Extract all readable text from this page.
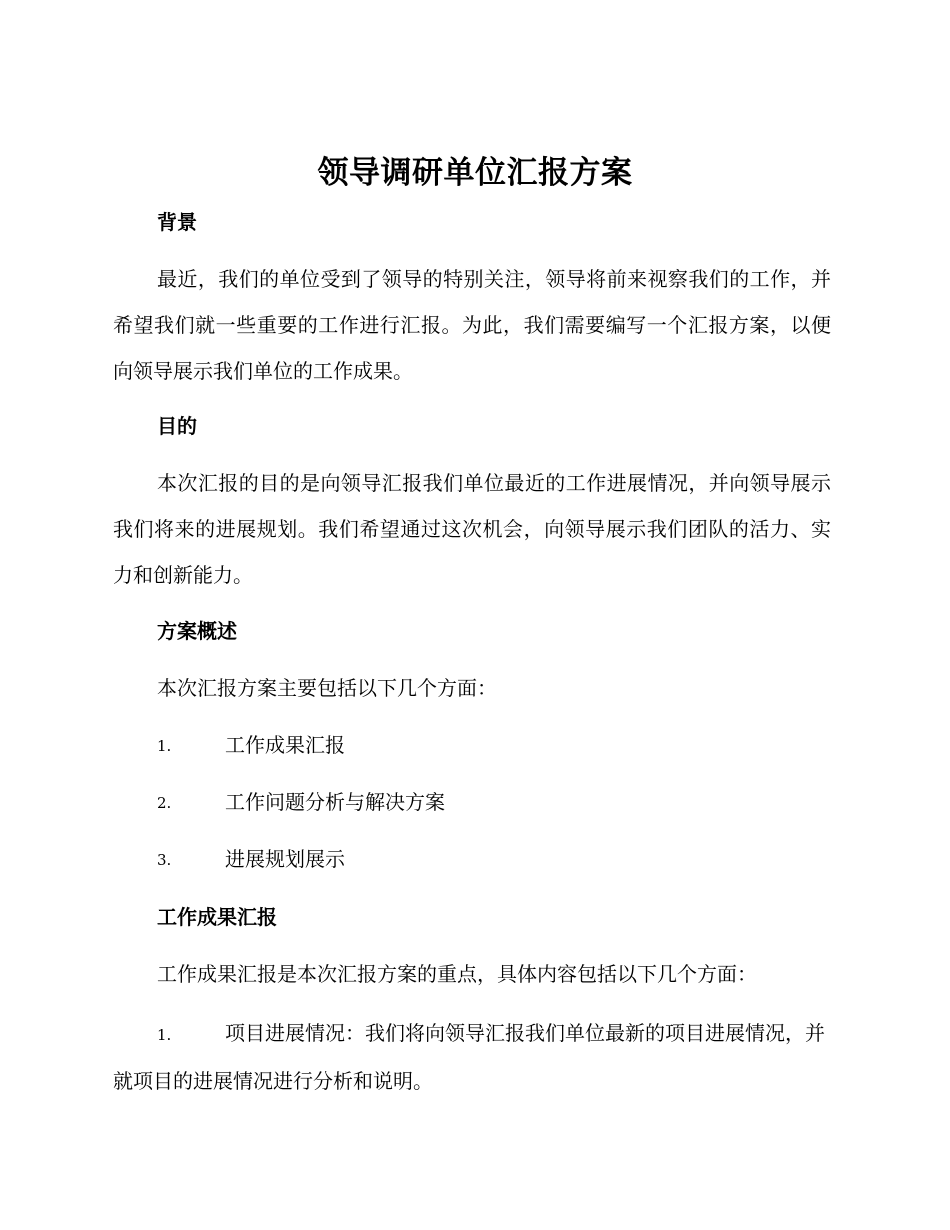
领导调研单位汇报方案
背景
最近，我们的单位受到了领导的特别关注，领导将前来视察我们的工作，并希望我们就一些重要的工作进行汇报。为此，我们需要编写一个汇报方案，以便向领导展示我们单位的工作成果。
目的
本次汇报的目的是向领导汇报我们单位最近的工作进展情况，并向领导展示我们将来的进展规划。我们希望通过这次机会，向领导展示我们团队的活力、实力和创新能力。
方案概述
本次汇报方案主要包括以下几个方面：
1.	工作成果汇报
2.	工作问题分析与解决方案
3.	进展规划展示
工作成果汇报
工作成果汇报是本次汇报方案的重点，具体内容包括以下几个方面：
1.	项目进展情况：我们将向领导汇报我们单位最新的项目进展情况，并就项目的进展情况进行分析和说明。
